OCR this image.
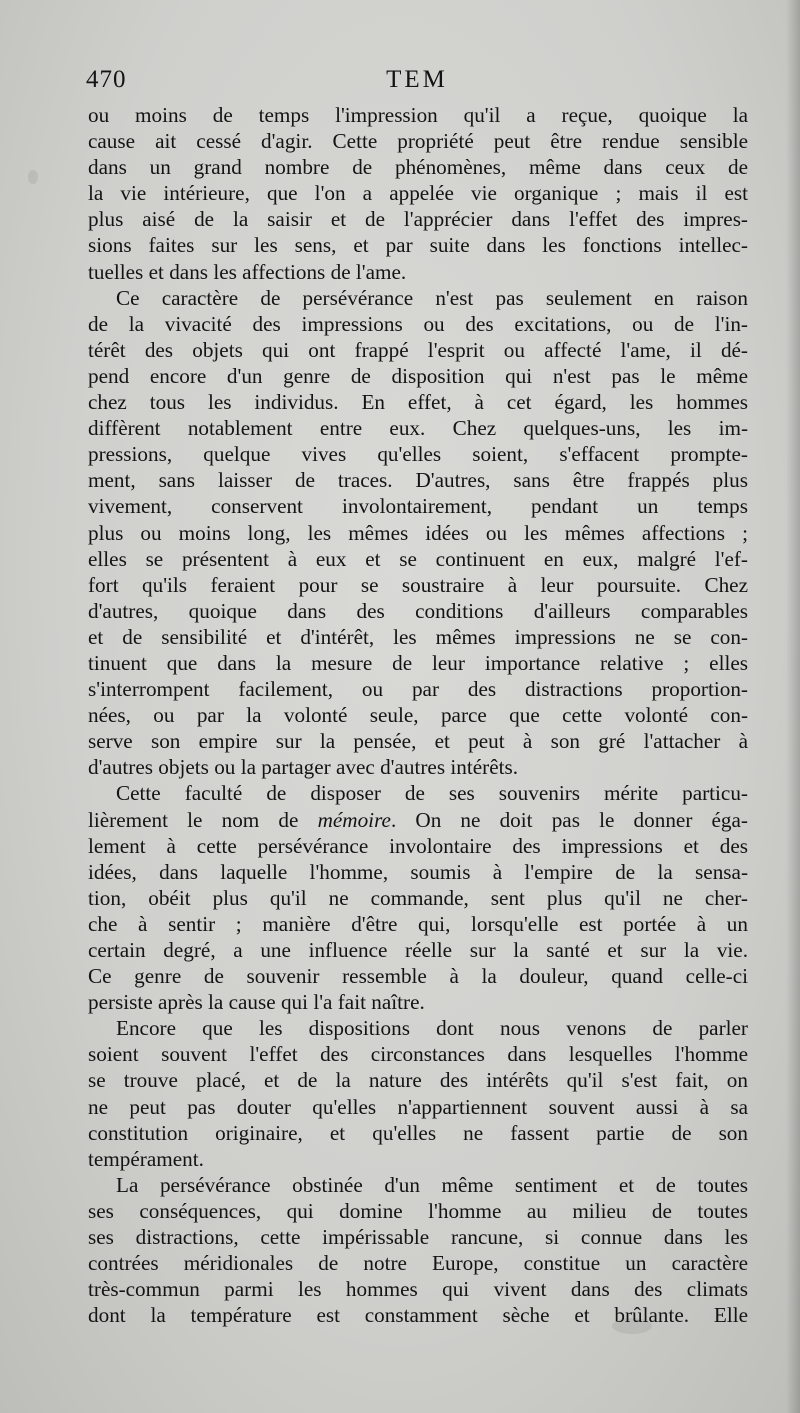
470	TEM
ou moins de temps l'impression qu'il a reçue, quoique la
cause ait cessé d'agir. Cette propriété peut être rendue sensible
dans un grand nombre de phénomènes, même dans ceux de
la vie intérieure, que l'on a appelée vie organique ; mais il est
plus aisé de la saisir et de l'apprécier dans l'effet des impres-
sions faites sur les sens, et par suite dans les fonctions intellec-
tuelles et dans les affections de l'ame.
Ce caractère de persévérance n'est pas seulement en raison
de la vivacité des impressions ou des excitations, ou de l'in-
térêt des objets qui ont frappé l'esprit ou affecté l'ame, il dé-
pend encore d'un genre de disposition qui n'est pas le même
chez tous les individus. En effet, à cet égard, les hommes
diffèrent notablement entre eux. Chez quelques-uns, les im-
pressions, quelque vives qu'elles soient, s'effacent prompte-
ment, sans laisser de traces. D'autres, sans être frappés plus
vivement, conservent involontairement, pendant un temps
plus ou moins long, les mêmes idées ou les mêmes affections ;
elles se présentent à eux et se continuent en eux, malgré l'ef-
fort qu'ils feraient pour se soustraire à leur poursuite. Chez
d'autres, quoique dans des conditions d'ailleurs comparables
et de sensibilité et d'intérêt, les mêmes impressions ne se con-
tinuent que dans la mesure de leur importance relative ; elles
s'interrompent facilement, ou par des distractions proportion-
nées, ou par la volonté seule, parce que cette volonté con-
serve son empire sur la pensée, et peut à son gré l'attacher à
d'autres objets ou la partager avec d'autres intérêts.
Cette faculté de disposer de ses souvenirs mérite particu-
lièrement le nom de mémoire. On ne doit pas le donner éga-
lement à cette persévérance involontaire des impressions et des
idées, dans laquelle l'homme, soumis à l'empire de la sensa-
tion, obéit plus qu'il ne commande, sent plus qu'il ne cher-
che à sentir ; manière d'être qui, lorsqu'elle est portée à un
certain degré, a une influence réelle sur la santé et sur la vie.
Ce genre de souvenir ressemble à la douleur, quand celle-ci
persiste après la cause qui l'a fait naître.
Encore que les dispositions dont nous venons de parler
soient souvent l'effet des circonstances dans lesquelles l'homme
se trouve placé, et de la nature des intérêts qu'il s'est fait, on
ne peut pas douter qu'elles n'appartiennent souvent aussi à sa
constitution originaire, et qu'elles ne fassent partie de son
tempérament.
La persévérance obstinée d'un même sentiment et de toutes
ses conséquences, qui domine l'homme au milieu de toutes
ses distractions, cette impérissable rancune, si connue dans les
contrées méridionales de notre Europe, constitue un caractère
très-commun parmi les hommes qui vivent dans des climats
dont la température est constamment sèche et brûlante. Elle
